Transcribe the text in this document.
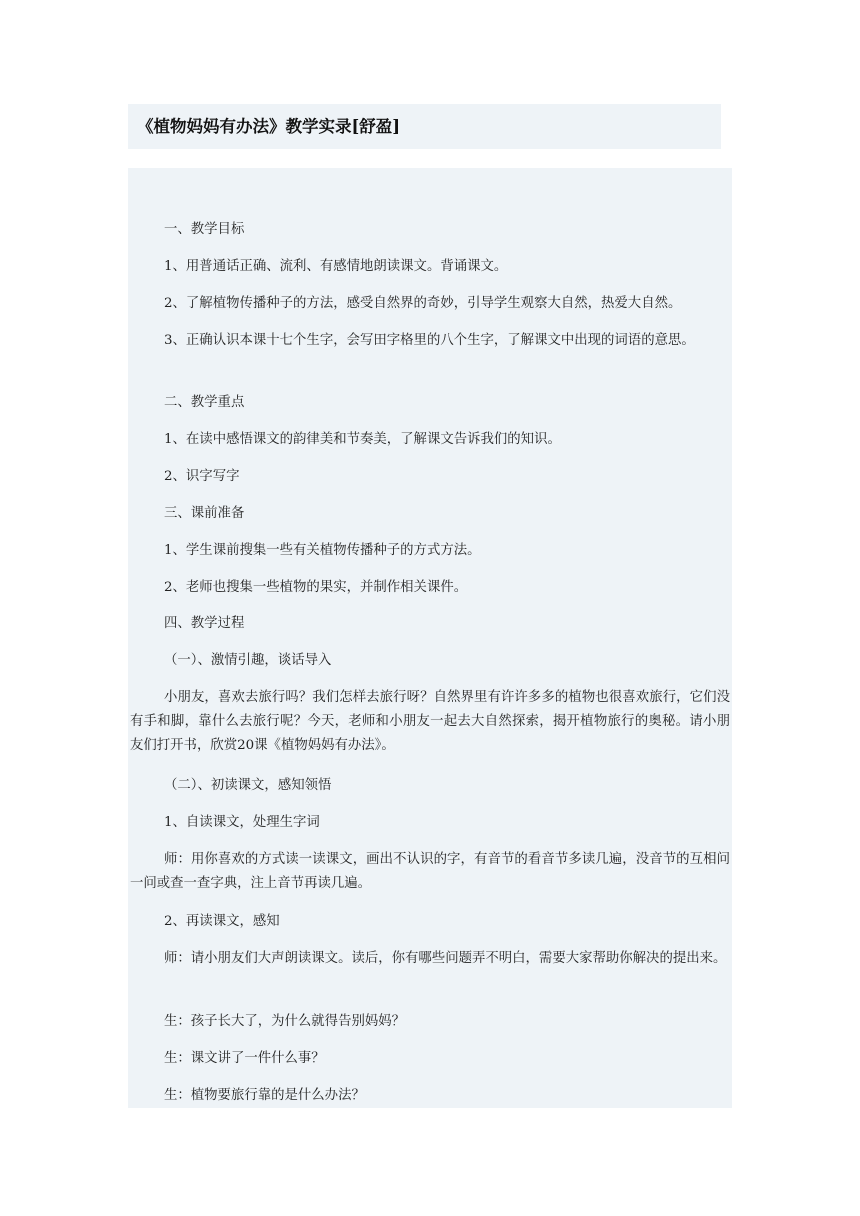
《植物妈妈有办法》教学实录[舒盈]

一、教学目标

1、用普通话正确、流利、有感情地朗读课文。背诵课文。

2、了解植物传播种子的方法，感受自然界的奇妙，引导学生观察大自然，热爱大自然。

3、正确认识本课十七个生字，会写田字格里的八个生字，了解课文中出现的词语的意思。

二、教学重点

1、在读中感悟课文的韵律美和节奏美，了解课文告诉我们的知识。

2、识字写字

三、课前准备

1、学生课前搜集一些有关植物传播种子的方式方法。

2、老师也搜集一些植物的果实，并制作相关课件。

四、教学过程

（一）、激情引趣，谈话导入

小朋友，喜欢去旅行吗？我们怎样去旅行呀？自然界里有许许多多的植物也很喜欢旅行，它们没有手和脚，靠什么去旅行呢？今天，老师和小朋友一起去大自然探索，揭开植物旅行的奥秘。请小朋友们打开书，欣赏20课《植物妈妈有办法》。

（二）、初读课文，感知领悟

1、自读课文，处理生字词

师：用你喜欢的方式读一读课文，画出不认识的字，有音节的看音节多读几遍，没音节的互相问一问或查一查字典，注上音节再读几遍。

2、再读课文，感知

师：请小朋友们大声朗读课文。读后，你有哪些问题弄不明白，需要大家帮助你解决的提出来。

生：孩子长大了，为什么就得告别妈妈？

生：课文讲了一件什么事？

生：植物要旅行靠的是什么办法？
